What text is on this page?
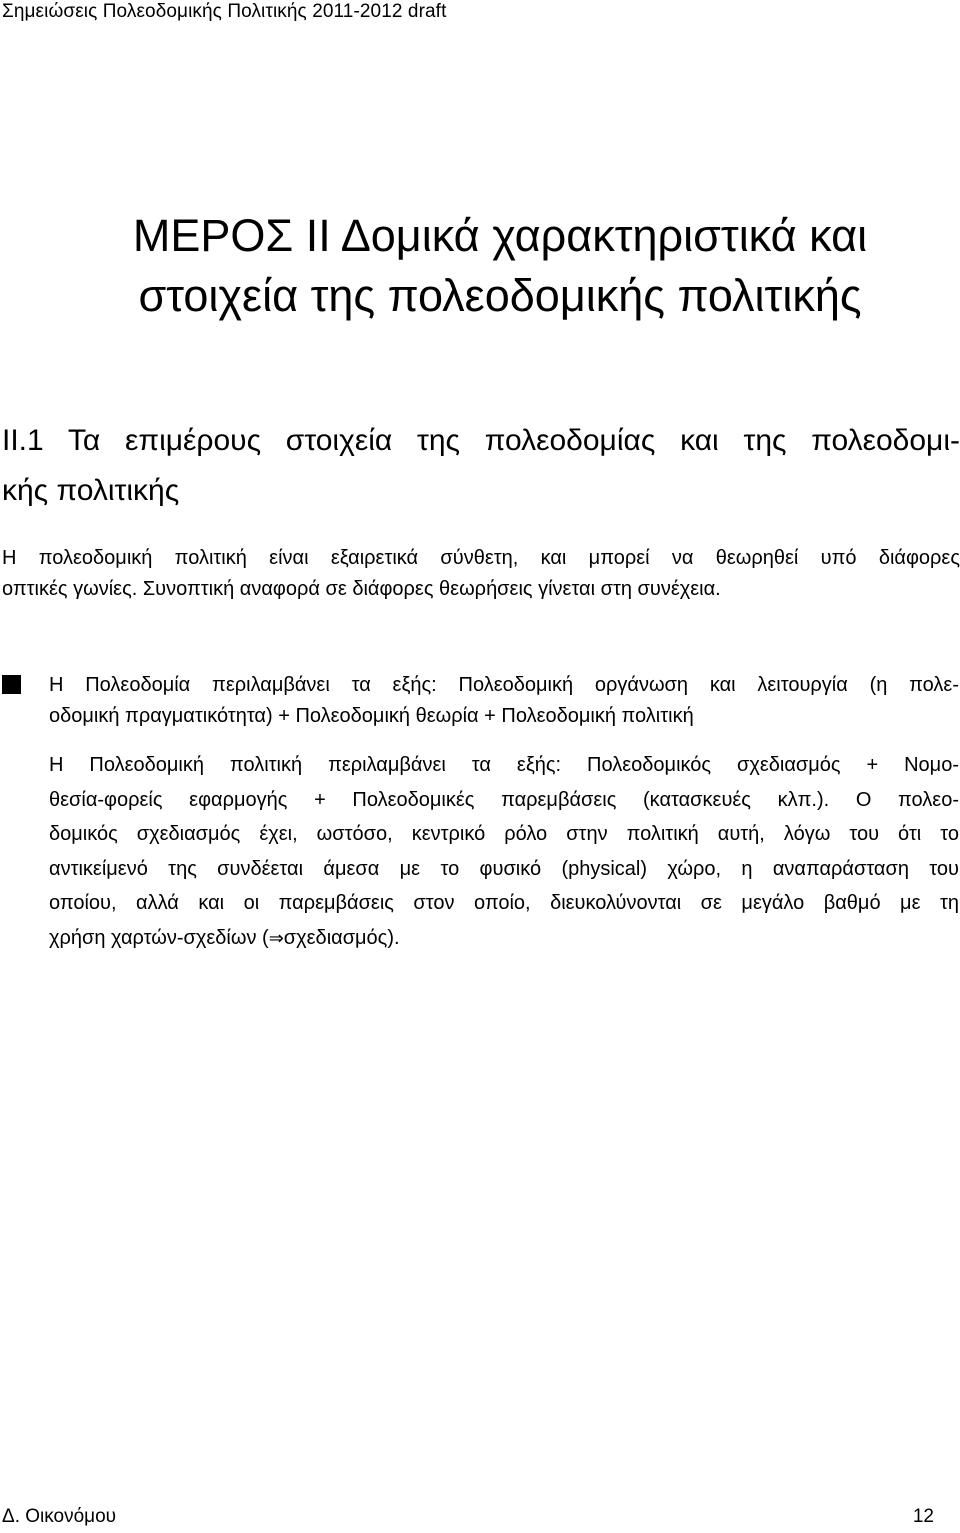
Σημειώσεις Πολεοδομικής Πολιτικής 2011-2012 draft
ΜΕΡΟΣ ΙΙ Δομικά χαρακτηριστικά και
στοιχεία της πολεοδομικής πολιτικής
ΙΙ.1 Τα επιμέρους στοιχεία της πολεοδομίας και της πολεοδομι-
κής πολιτικής

Η πολεοδομική πολιτική είναι εξαιρετικά σύνθετη, και μπορεί να θεωρηθεί υπό διάφορες
οπτικές γωνίες. Συνοπτική αναφορά σε διάφορες θεωρήσεις γίνεται στη συνέχεια.

Η Πολεοδομία περιλαμβάνει τα εξής: Πολεοδομική οργάνωση και λειτουργία (η πολε-
οδομική πραγματικότητα) + Πολεοδομική θεωρία + Πολεοδομική πολιτική

Η Πολεοδομική πολιτική περιλαμβάνει τα εξής: Πολεοδομικός σχεδιασμός + Νομο-
θεσία-φορείς εφαρμογής + Πολεοδομικές παρεμβάσεις (κατασκευές κλπ.). Ο πολεο-
δομικός σχεδιασμός έχει, ωστόσο, κεντρικό ρόλο στην πολιτική αυτή, λόγω του ότι το
αντικείμενό της συνδέεται άμεσα με το φυσικό (physical) χώρο, η αναπαράσταση του
οποίου, αλλά και οι παρεμβάσεις στον οποίο, διευκολύνονται σε μεγάλο βαθμό με τη
χρήση χαρτών-σχεδίων (⇒σχεδιασμός).

Δ. Οικονόμου	12
